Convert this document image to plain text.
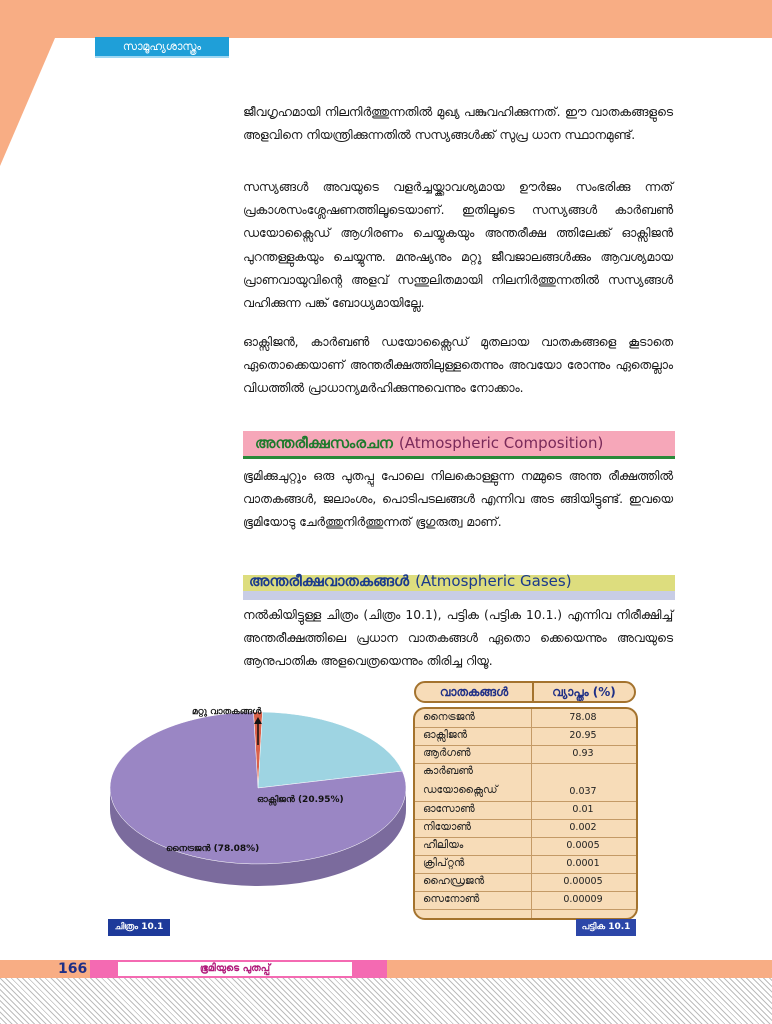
സാമൂഹ്യശാസ്ത്രം

ജീവഗൃഹമായി നിലനിർത്തുന്നതിൽ മുഖ്യ പങ്കുവഹിക്കുന്നത്. ഈ വാതകങ്ങളുടെ അളവിനെ നിയന്ത്രിക്കുന്നതിൽ സസ്യങ്ങൾക്ക് സുപ്ര ധാന സ്ഥാനമുണ്ട്.

സസ്യങ്ങൾ അവയുടെ വളർച്ചയ്ക്കാവശ്യമായ ഊർജം സംഭരിക്കു ന്നത് പ്രകാശസംശ്ലേഷണത്തിലൂടെയാണ്. ഇതിലൂടെ സസ്യങ്ങൾ കാർബൺ ഡയോക്സൈഡ് ആഗിരണം ചെയ്യുകയും അന്തരീക്ഷ ത്തിലേക്ക് ഓക്സിജൻ പുറന്തള്ളുകയും ചെയ്യുന്നു. മനുഷ്യനും മറ്റു ജീവജാലങ്ങൾക്കും ആവശ്യമായ പ്രാണവായുവിന്റെ അളവ് സന്തുലിതമായി നിലനിർത്തുന്നതിൽ സസ്യങ്ങൾ വഹിക്കുന്ന പങ്ക് ബോധ്യമായില്ലേ.

ഓക്സിജൻ, കാർബൺ ഡയോക്സൈഡ് മുതലായ വാതകങ്ങളെ കൂടാതെ ഏതൊക്കെയാണ് അന്തരീക്ഷത്തിലുള്ളതെന്നും അവയോ രോന്നും ഏതെല്ലാം വിധത്തിൽ പ്രാധാന്യമർഹിക്കുന്നുവെന്നും നോക്കാം.

അന്തരീക്ഷസംരചന (Atmospheric Composition)

ഭൂമിക്കുചുറ്റും ഒരു പുതപ്പു പോലെ നിലകൊള്ളുന്ന നമ്മുടെ അന്ത രീക്ഷത്തിൽ വാതകങ്ങൾ, ജലാംശം, പൊടിപടലങ്ങൾ എന്നിവ അട ങ്ങിയിട്ടുണ്ട്. ഇവയെ ഭൂമിയോടു ചേർത്തുനിർത്തുന്നത് ഭൂഗുരുത്വ മാണ്.

അന്തരീക്ഷവാതകങ്ങൾ (Atmospheric Gases)

നൽകിയിട്ടുള്ള ചിത്രം (ചിത്രം 10.1), പട്ടിക (പട്ടിക 10.1.) എന്നിവ നിരീക്ഷിച്ച് അന്തരീക്ഷത്തിലെ പ്രധാന വാതകങ്ങൾ ഏതൊ ക്കെയെന്നും അവയുടെ ആനുപാതിക അളവെത്രയെന്നും തിരിച്ച റിയൂ.

മറ്റു വാതകങ്ങൾ
ഓക്സിജൻ (20.95%)
നൈട്രജൻ (78.08%)
വാതകങ്ങൾ	വ്യാപ്തം (%)
നൈട്രജൻ	78.08
ഓക്സിജൻ	20.95
ആർഗൺ	0.93
കാർബൺ
ഡയോക്സൈഡ്	0.037
ഓസോൺ	0.01
നിയോൺ	0.002
ഹീലിയം	0.0005
ക്രിപ്റ്റൻ	0.0001
ഹൈഡ്രജൻ	0.00005
സെനോൺ	0.00009
ചിത്രം 10.1	പട്ടിക 10.1
ഭൂമിയുടെ പുതപ്പ്
166
